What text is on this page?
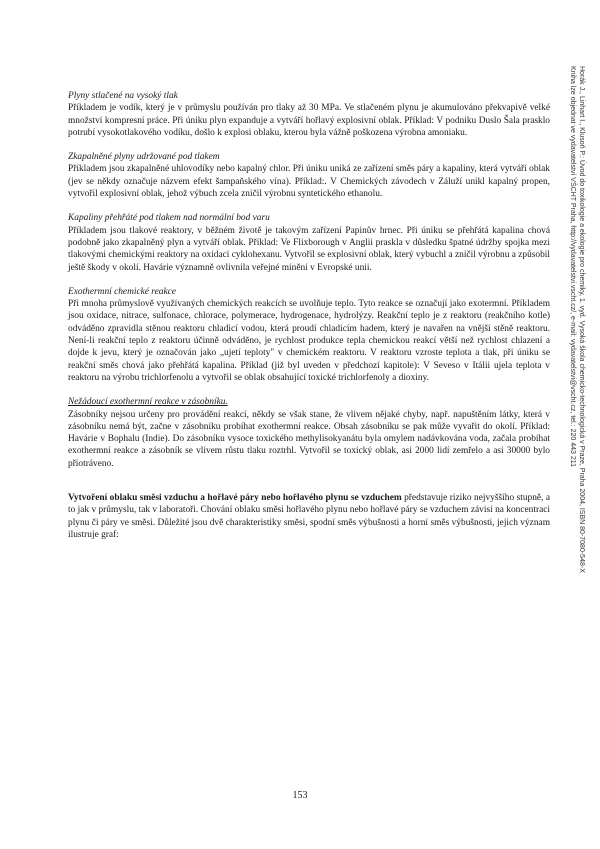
Horák J., Linhart I., Klusoň P.: Úvod do toxikologie a ekologie pro chemiky, 1. vyd. Vysoká škola chemicko-technologická v Praze, Praha 2004, ISBN 80-7080-548-X
Kniha lze objednat ve vydavatelství VŠCHT Praha, http://vydavatelstvi.vscht.cz/, e-mail: vydavatelstvi@vscht.cz, tel.: 220 443 211

Plyny stlačené na vysoký tlak

Příkladem je vodík, který je v průmyslu používán pro tlaky až 30 MPa. Ve stlačeném plynu je akumulováno překvapivě velké množství kompresní práce. Při úniku plyn expanduje a vytváří hořlavý explosivní oblak. Příklad: V podniku Duslo Šala prasklo potrubí vysokotlakového vodíku, došlo k explosi oblaku, kterou byla vážně poškozena výrobna amoniaku.

Zkapalněné plyny udržované pod tlakem

Příkladem jsou zkapalněné uhlovodíky nebo kapalný chlor. Při úniku uniká ze zařízení směs páry a kapaliny, která vytváří oblak (jev se někdy označuje názvem efekt šampaňského vína). Příklad:. V Chemických závodech v Záluží unikl kapalný propen, vytvořil explosivní oblak, jehož výbuch zcela zničil výrobnu syntetického ethanolu.

Kapaliny přehřáté pod tlakem nad normální bod varu

Příkladem jsou tlakové reaktory, v běžném životě je takovým zařízení Papinův hrnec. Při úniku se přehřátá kapalina chová podobně jako zkapalněný plyn a vytváří oblak. Příklad: Ve Flixborough v Anglii praskla v důsledku špatné údržby spojka mezi tlakovými chemickými reaktory na oxidaci cyklohexanu. Vytvořil se explosivní oblak, který vybuchl a zničil výrobnu a způsobil ještě škody v okolí. Havárie významně ovlivnila veřejné mínění v Evropské unii.

Exothermní chemické reakce

Při mnoha průmyslově využívaných chemických reakcích se uvolňuje teplo. Tyto reakce se označují jako exotermní. Příkladem jsou oxidace, nitrace, sulfonace, chlorace, polymerace, hydrogenace, hydrolýzy. Reakční teplo je z reaktoru (reakčního kotle) odváděno zpravidla stěnou reaktoru chladicí vodou, která proudí chladicím hadem, který je navařen na vnější stěně reaktoru. Není-li reakční teplo z reaktoru účinně odváděno, je rychlost produkce tepla chemickou reakcí větší než rychlost chlazení a dojde k jevu, který je označován jako „ujetí teploty" v chemickém reaktoru. V reaktoru vzroste teplota a tlak, při úniku se reakční směs chová jako přehřátá kapalina. Příklad (již byl uveden v předchozí kapitole): V Seveso v Itálii ujela teplota v reaktoru na výrobu trichlorfenolu a vytvořil se oblak obsahující toxické trichlorfenoly a dioxiny.

Nežádoucí exothermní reakce v zásobníku.

Zásobníky nejsou určeny pro provádění reakcí, někdy se však stane, že vlivem nějaké chyby, např. napuštěním látky, která v zásobníku nemá být, začne v zásobníku probíhat exothermní reakce. Obsah zásobníku se pak může vyvařit do okolí. Příklad: Havárie v Bophalu (Indie). Do zásobníku vysoce toxického methylisokyanátu byla omylem nadávkována voda, začala probíhat exothermní reakce a zásobník se vlivem růstu tlaku roztrhl. Vytvořil se toxický oblak, asi 2000 lidí zemřelo a asi 30000 bylo přiotráveno.

Vytvoření oblaku směsi vzduchu a hořlavé páry nebo hořlavého plynu se vzduchem představuje riziko nejvyššího stupně, a to jak v průmyslu, tak v laboratoři. Chování oblaku směsi hořlavého plynu nebo hořlavé páry se vzduchem závisí na koncentraci plynu či páry ve směsi. Důležité jsou dvě charakteristiky směsi, spodní směs výbušnosti a horní směs výbušnosti, jejich význam ilustruje graf:

153
